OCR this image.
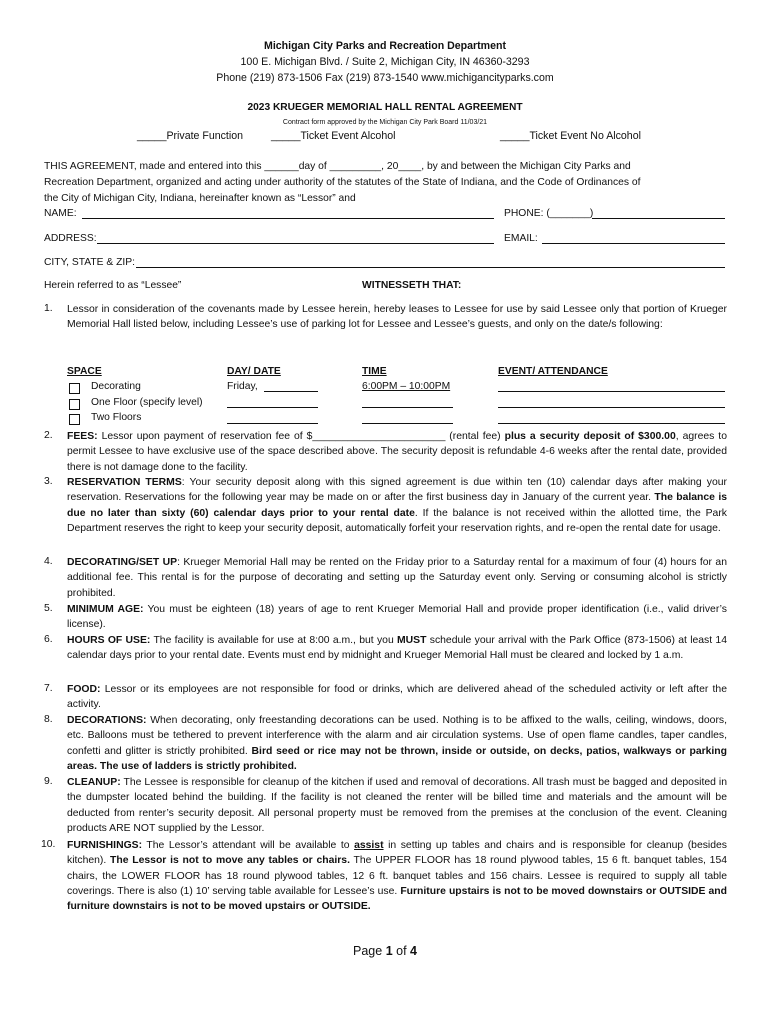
Michigan City Parks and Recreation Department
100 E. Michigan Blvd. / Suite 2, Michigan City, IN 46360-3293
Phone (219) 873-1506 Fax (219) 873-1540 www.michigancityparks.com
2023 KRUEGER MEMORIAL HALL RENTAL AGREEMENT
Contract form approved by the Michigan City Park Board 11/03/21
_____Private Function	_____Ticket Event Alcohol	_____Ticket Event No Alcohol
THIS AGREEMENT, made and entered into this ______day of _________, 20____, by and between the Michigan City Parks and
Recreation Department, organized and acting under authority of the statutes of the State of Indiana, and the Code of Ordinances of
the City of Michigan City, Indiana, hereinafter known as “Lessor” and
NAME:	PHONE: (_______)
ADDRESS:	EMAIL:
CITY, STATE & ZIP:
Herein referred to as “Lessee”	WITNESSETH THAT:
1. Lessor in consideration of the covenants made by Lessee herein, hereby leases to Lessee for use by said Lessee only that portion of Krueger Memorial Hall listed below, including Lessee’s use of parking lot for Lessee and Lessee’s guests, and only on the date/s following:
SPACE	DAY/ DATE	TIME	EVENT/ ATTENDANCE
Decorating	Friday,	6:00PM – 10:00PM
One Floor (specify level)
Two Floors
2. FEES: Lessor upon payment of reservation fee of $_______________________ (rental fee) plus a security deposit of $300.00, agrees to permit Lessee to have exclusive use of the space described above. The security deposit is refundable 4-6 weeks after the rental date, provided there is not damage done to the facility.
3. RESERVATION TERMS: Your security deposit along with this signed agreement is due within ten (10) calendar days after making your reservation. Reservations for the following year may be made on or after the first business day in January of the current year. The balance is due no later than sixty (60) calendar days prior to your rental date. If the balance is not received within the allotted time, the Park Department reserves the right to keep your security deposit, automatically forfeit your reservation rights, and re-open the rental date for usage.
4. DECORATING/SET UP: Krueger Memorial Hall may be rented on the Friday prior to a Saturday rental for a maximum of four (4) hours for an additional fee. This rental is for the purpose of decorating and setting up the Saturday event only. Serving or consuming alcohol is strictly prohibited.
5. MINIMUM AGE: You must be eighteen (18) years of age to rent Krueger Memorial Hall and provide proper identification (i.e., valid driver’s license).
6. HOURS OF USE: The facility is available for use at 8:00 a.m., but you MUST schedule your arrival with the Park Office (873-1506) at least 14 calendar days prior to your rental date. Events must end by midnight and Krueger Memorial Hall must be cleared and locked by 1 a.m.
7. FOOD: Lessor or its employees are not responsible for food or drinks, which are delivered ahead of the scheduled activity or left after the activity.
8. DECORATIONS: When decorating, only freestanding decorations can be used. Nothing is to be affixed to the walls, ceiling, windows, doors, etc. Balloons must be tethered to prevent interference with the alarm and air circulation systems. Use of open flame candles, taper candles, confetti and glitter is strictly prohibited. Bird seed or rice may not be thrown, inside or outside, on decks, patios, walkways or parking areas. The use of ladders is strictly prohibited.
9. CLEANUP: The Lessee is responsible for cleanup of the kitchen if used and removal of decorations. All trash must be bagged and deposited in the dumpster located behind the building. If the facility is not cleaned the renter will be billed time and materials and the amount will be deducted from renter’s security deposit. All personal property must be removed from the premises at the conclusion of the event. Cleaning products ARE NOT supplied by the Lessor.
10. FURNISHINGS: The Lessor’s attendant will be available to assist in setting up tables and chairs and is responsible for cleanup (besides kitchen). The Lessor is not to move any tables or chairs. The UPPER FLOOR has 18 round plywood tables, 15 6 ft. banquet tables, 154 chairs, the LOWER FLOOR has 18 round plywood tables, 12 6 ft. banquet tables and 156 chairs. Lessee is required to supply all table coverings. There is also (1) 10’ serving table available for Lessee’s use. Furniture upstairs is not to be moved downstairs or OUTSIDE and furniture downstairs is not to be moved upstairs or OUTSIDE.
Page 1 of 4
